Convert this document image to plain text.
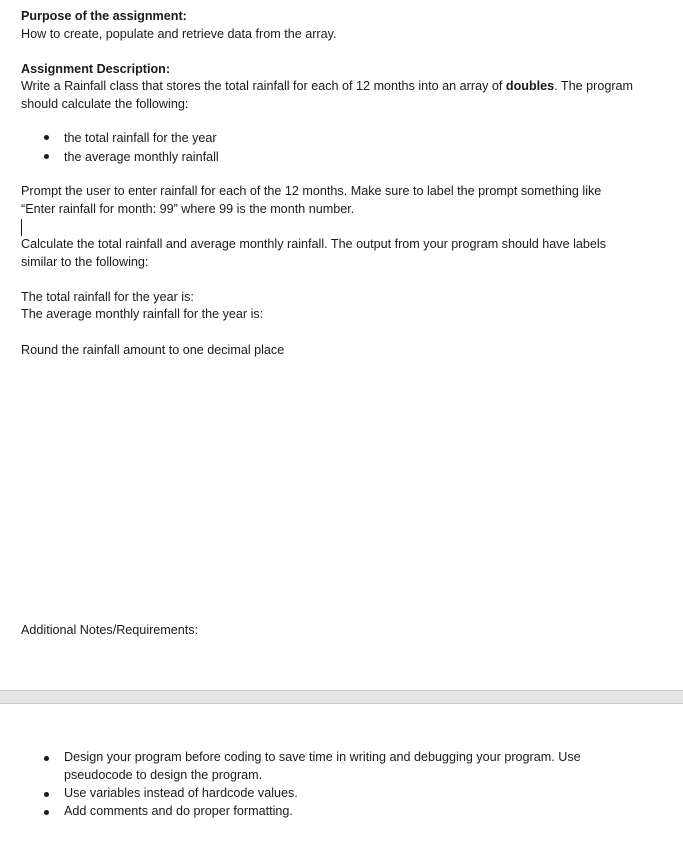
Purpose of the assignment:
How to create, populate and retrieve data from the array.
Assignment Description:
Write a Rainfall class that stores the total rainfall for each of 12 months into an array of doubles. The program
should calculate the following:
the total rainfall for the year
the average monthly rainfall
Prompt the user to enter rainfall for each of the 12 months. Make sure to label the prompt something like
“Enter rainfall for month: 99” where 99 is the month number.
Calculate the total rainfall and average monthly rainfall. The output from your program should have labels
similar to the following:
The total rainfall for the year is:
The average monthly rainfall for the year is:
Round the rainfall amount to one decimal place
Additional Notes/Requirements:
Design your program before coding to save time in writing and debugging your program. Use
pseudocode to design the program.
Use variables instead of hardcode values.
Add comments and do proper formatting.
